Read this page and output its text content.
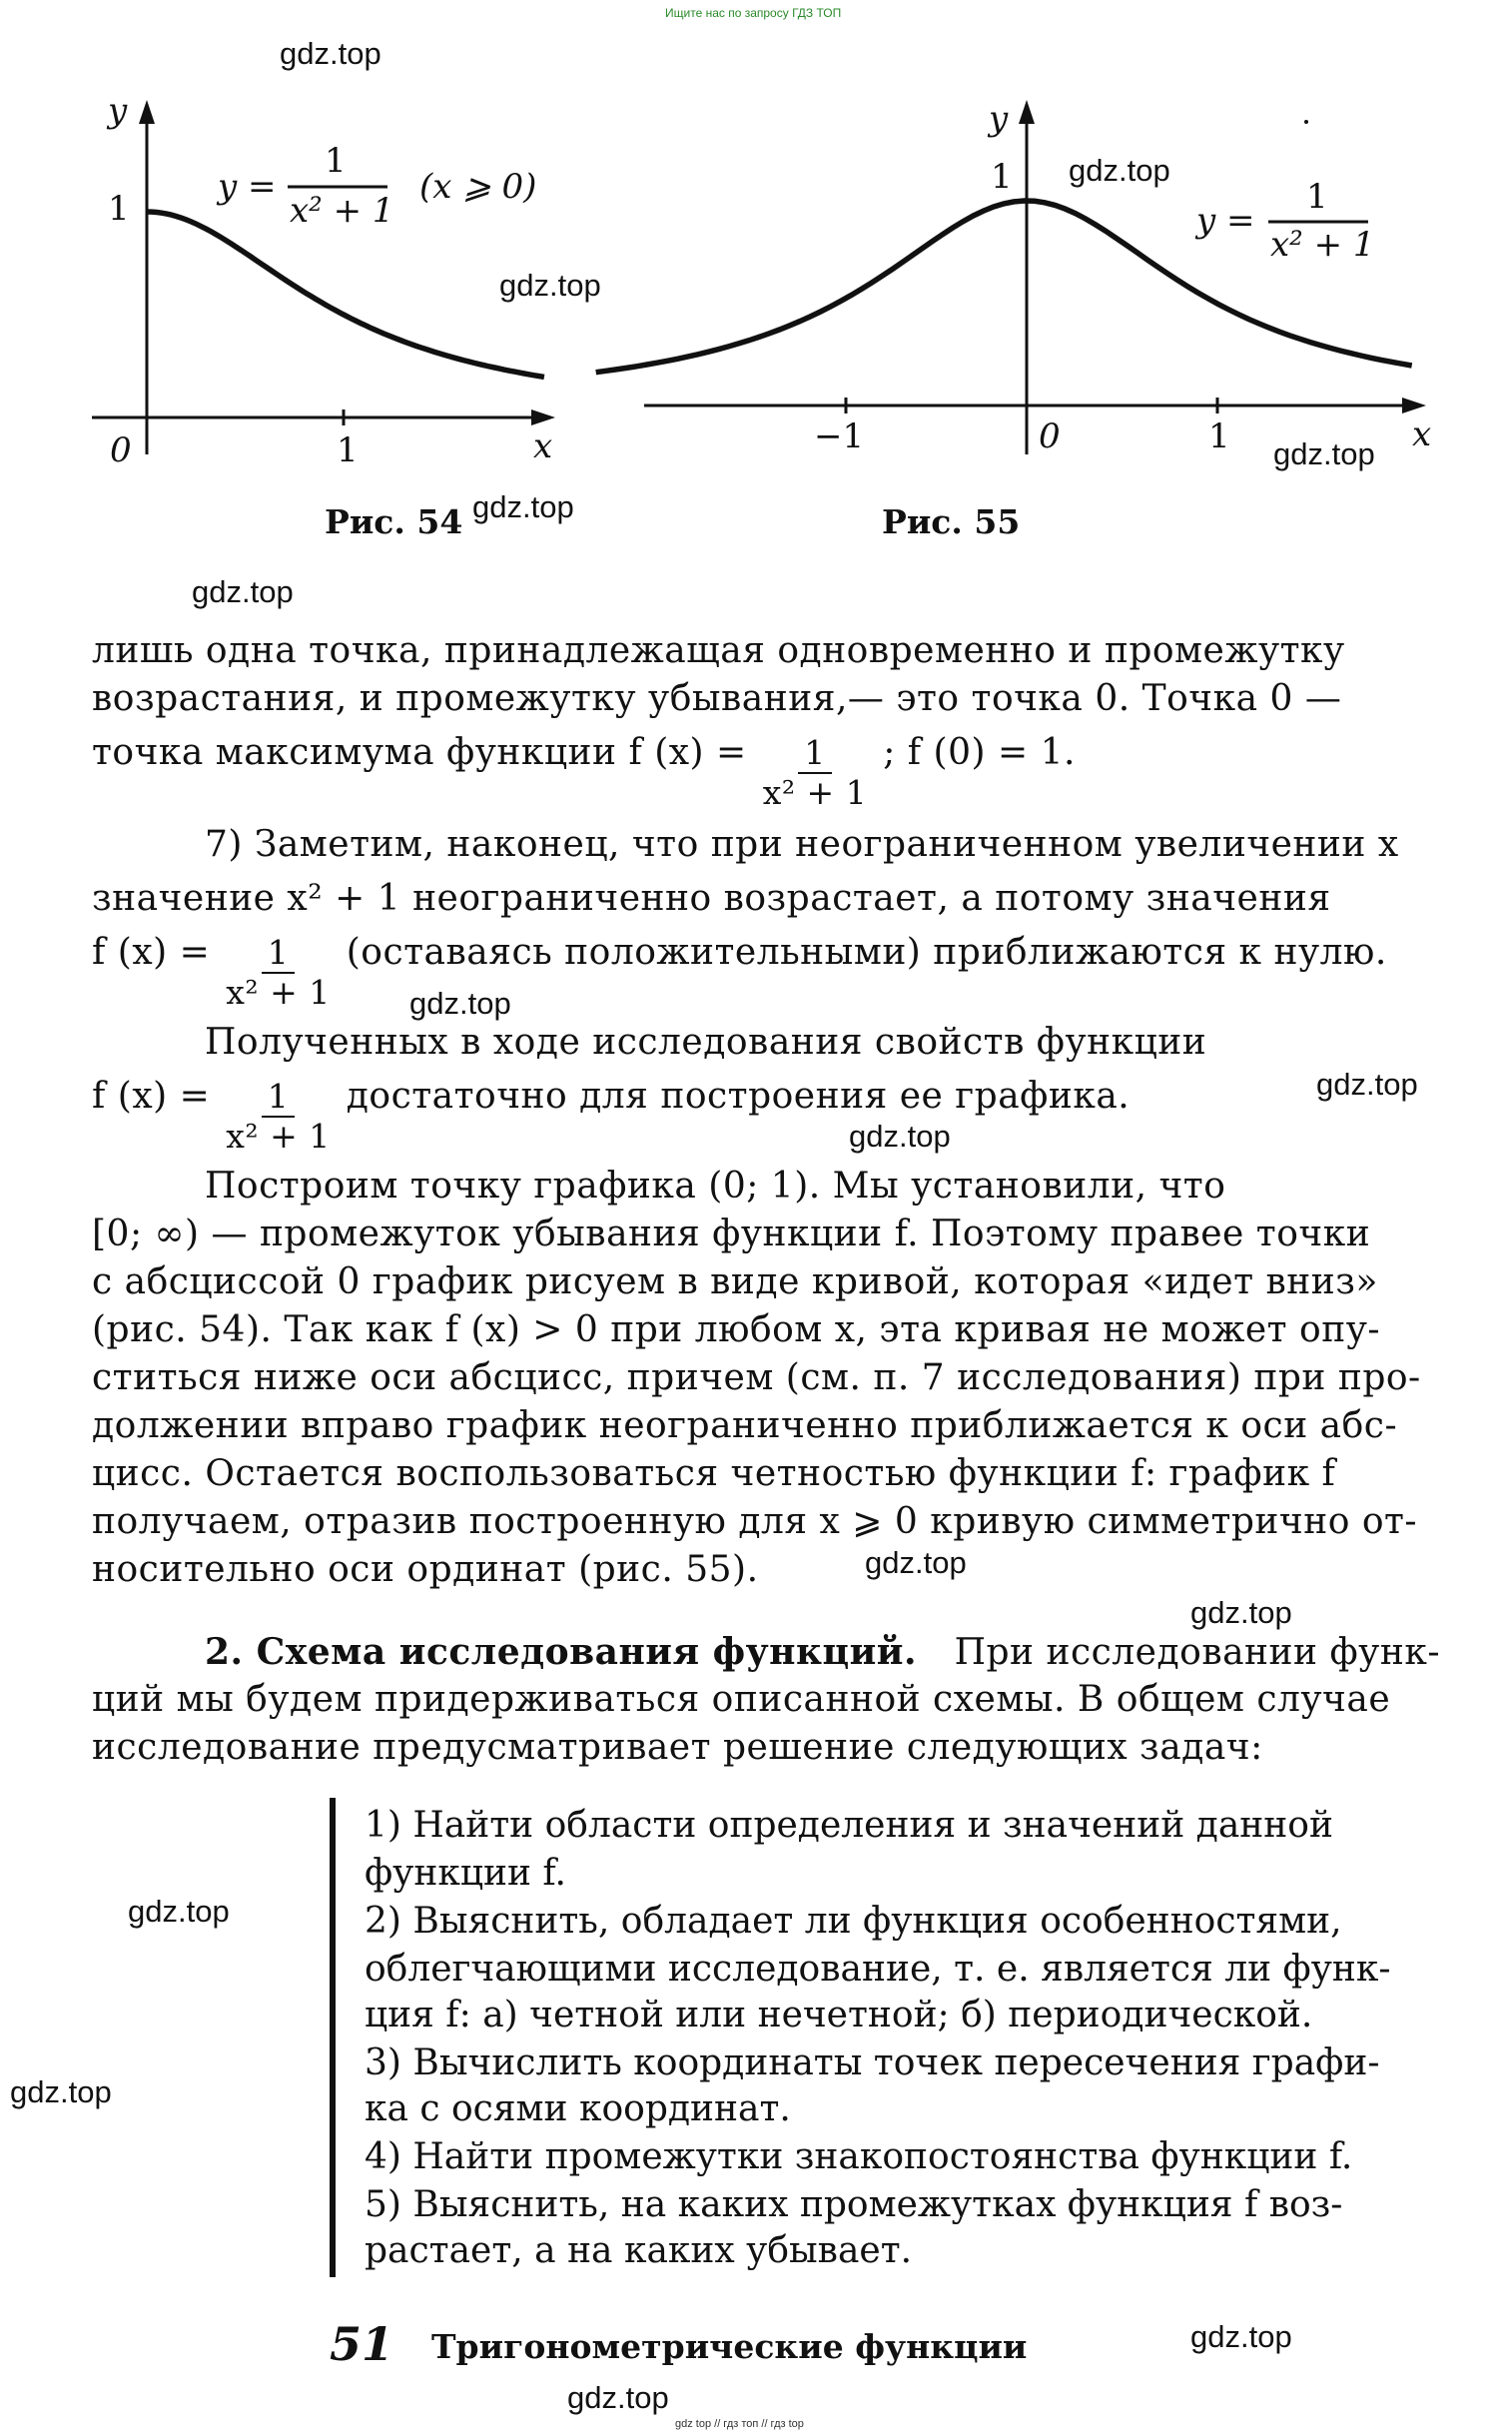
Ищите нас по запросу ГДЗ ТОП
gdz.top
gdz.top
gdz.top
gdz.top
gdz.top
gdz.top
gdz.top
gdz.top
gdz.top
gdz.top
gdz.top
gdz.top
gdz.top
gdz.top
gdz.top
y
1
0	1	x
y =
1
x² + 1
(x ⩾ 0)
Рис. 54
y
1
0
−1	1	x
y =
1
x² + 1
Рис. 55
лишь одна точка, принадлежащая одновременно и промежутку
возрастания, и промежутку убывания,— это точка 0. Точка 0 —
точка максимума функции f $(x) = \frac{1}{\text{x² + 1}}$ ; f (0) = 1.
7) Заметим, наконец, что при неограниченном увеличении x
значение x² + 1 неограниченно возрастает, а потому значения
f $(x) = \frac{1}{\text{x² + 1}}$ (оставаясь положительными) приближаются к нулю.
Полученных в ходе исследования свойств функции
f $(x) = \frac{1}{\text{x² + 1}}$ достаточно для построения ее графика.
Построим точку графика (0; 1). Мы установили, что
[0; ∞) — промежуток убывания функции f. Поэтому правее точки
с абсциссой 0 график рисуем в виде кривой, которая «идет вниз»
(рис. 54). Так как f (x) > 0 при любом x, эта кривая не может опу-
ститься ниже оси абсцисс, причем (см. п. 7 исследования) при про-
должении вправо график неограниченно приближается к оси абс-
цисс. Остается воспользоваться четностью функции f: график f
получаем, отразив построенную для x ⩾ 0 кривую симметрично от-
носительно оси ординат (рис. 55).
2. Схема исследования функций. При исследовании функ-
ций мы будем придерживаться описанной схемы. В общем случае
исследование предусматривает решение следующих задач:
1) Найти области определения и значений данной
функции f.
2) Выяснить, обладает ли функция особенностями,
облегчающими исследование, т. е. является ли функ-
ция f: а) четной или нечетной; б) периодической.
3) Вычислить координаты точек пересечения графи-
ка с осями координат.
4) Найти промежутки знакопостоянства функции f.
5) Выяснить, на каких промежутках функция f воз-
растает, а на каких убывает.
51 Тригонометрические функции
gdz top // гдз топ // гдз top
